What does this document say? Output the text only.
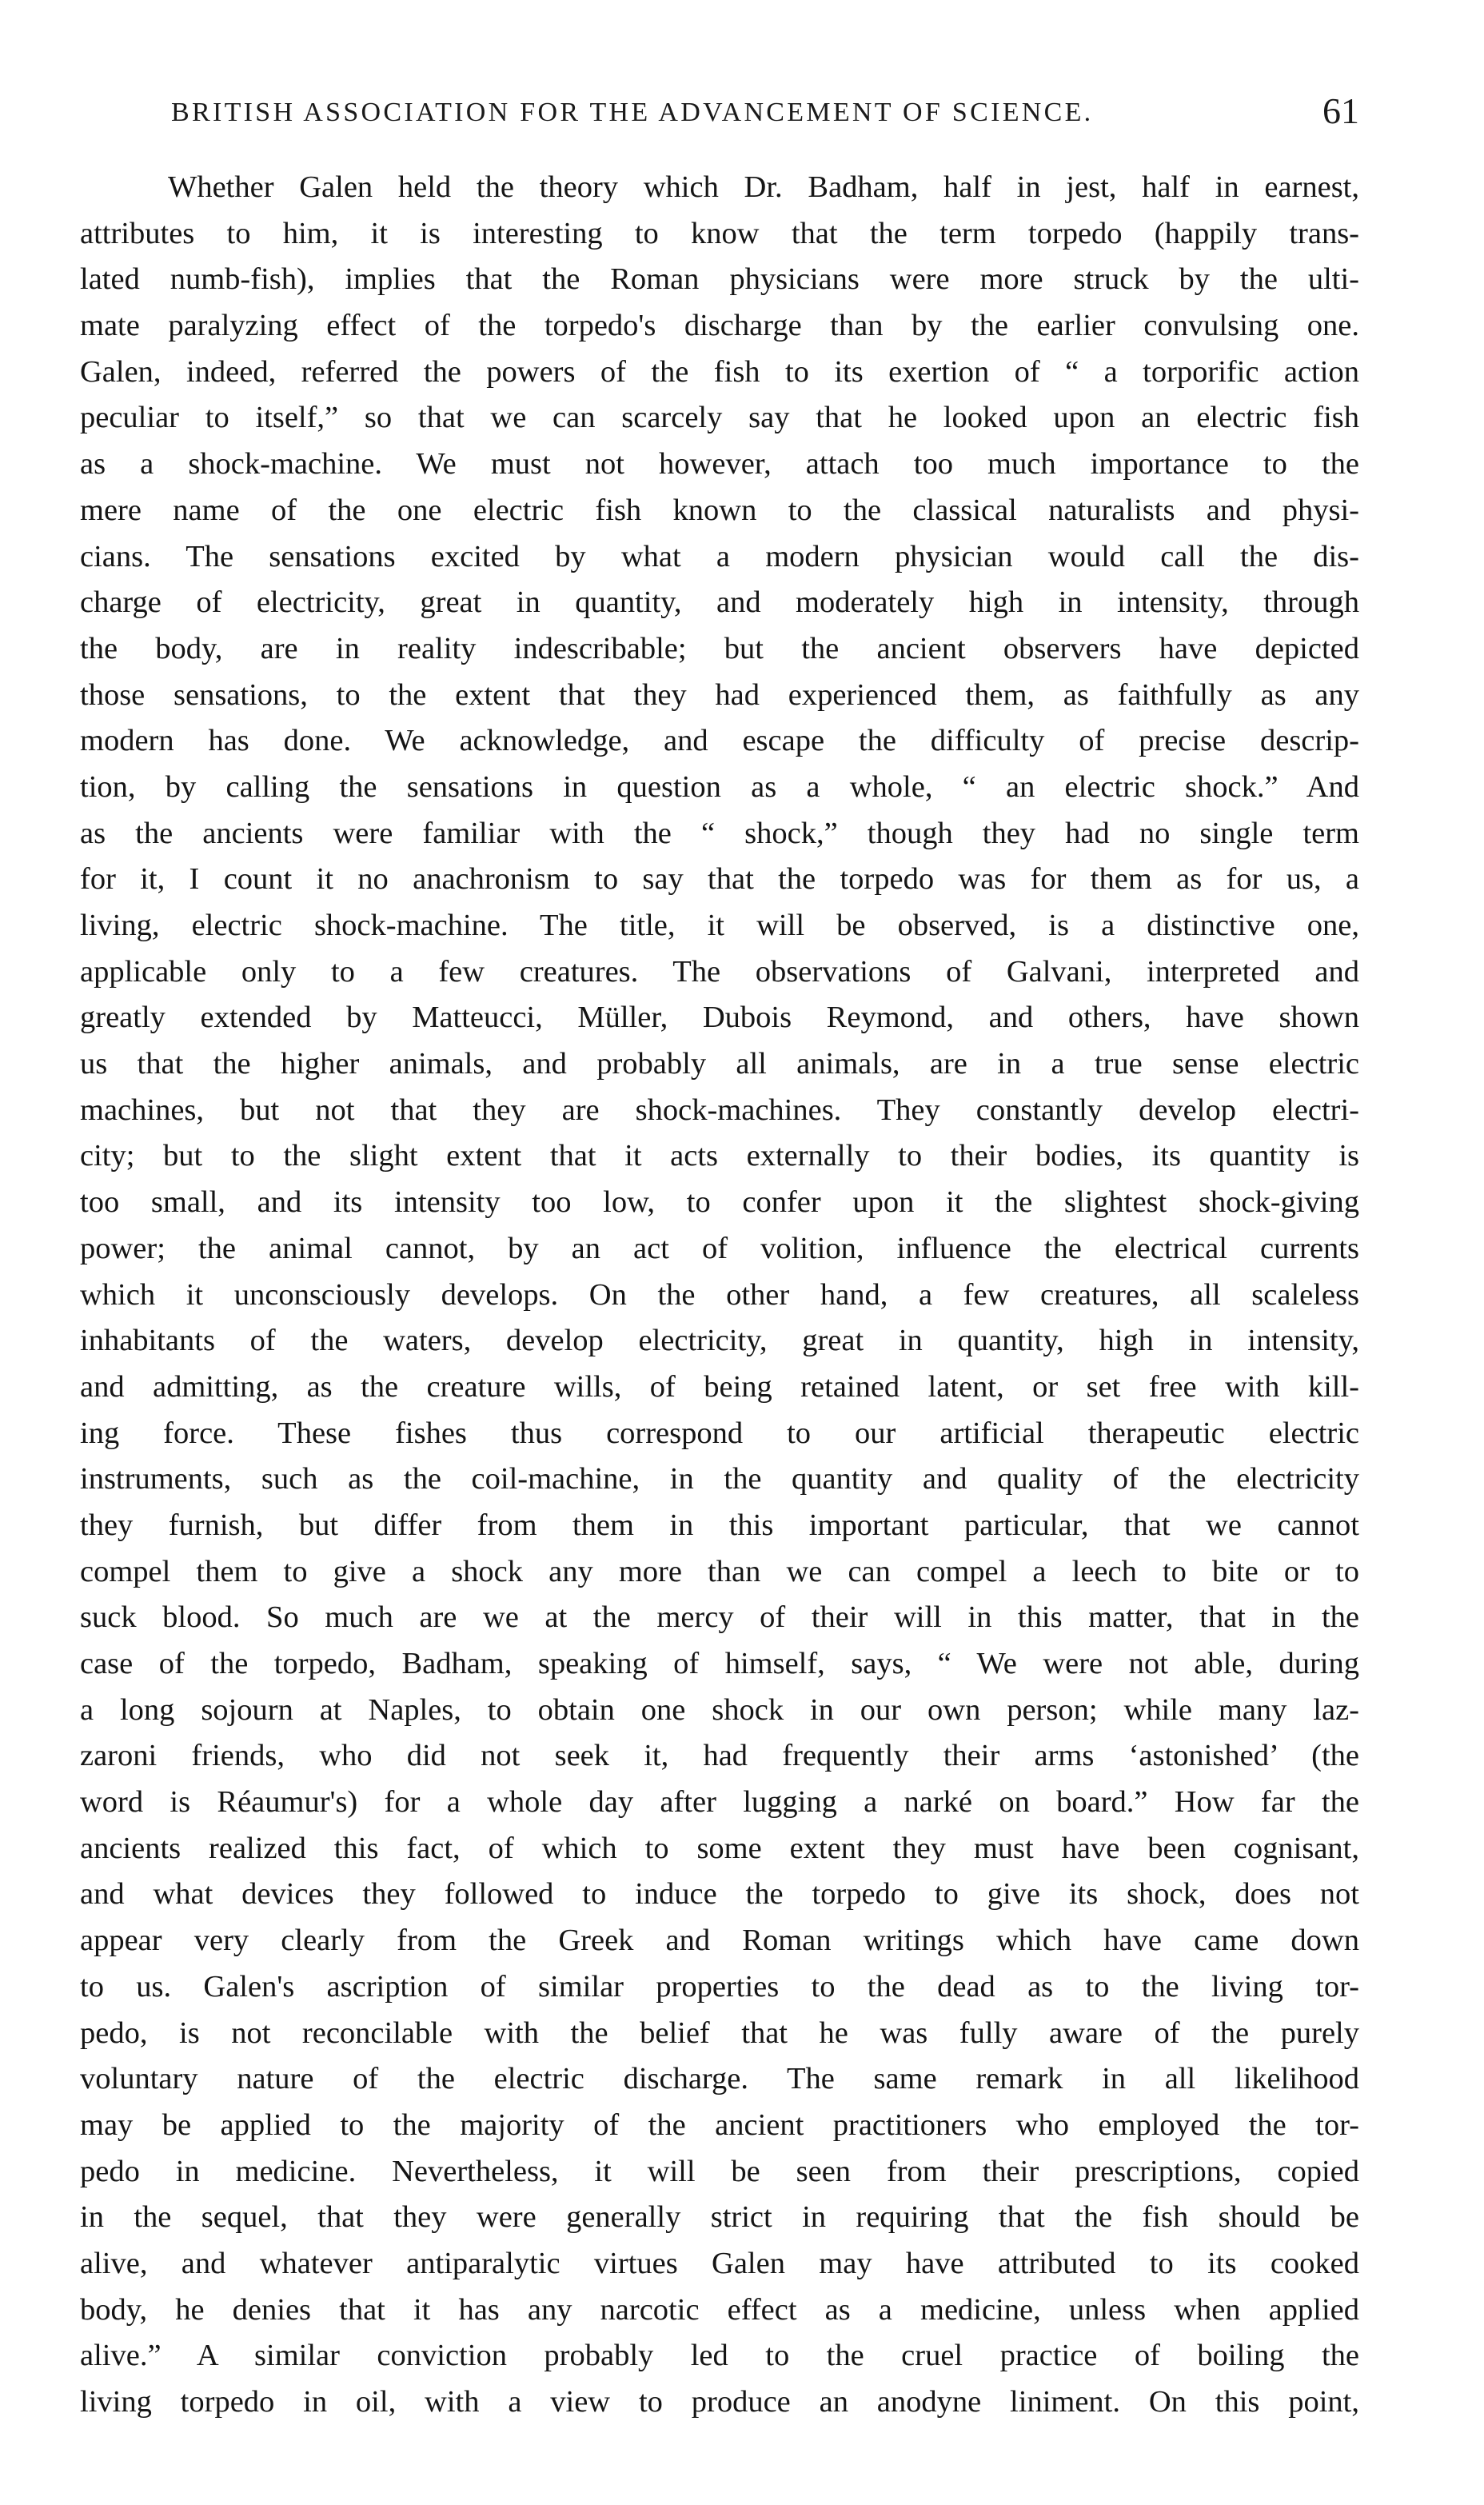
BRITISH ASSOCIATION FOR THE ADVANCEMENT OF SCIENCE.	61
Whether Galen held the theory which Dr. Badham, half in jest, half in earnest,
attributes to him, it is interesting to know that the term torpedo (happily trans-
lated numb-fish), implies that the Roman physicians were more struck by the ulti-
mate paralyzing effect of the torpedo's discharge than by the earlier convulsing one.
Galen, indeed, referred the powers of the fish to its exertion of “ a torporific action
peculiar to itself,” so that we can scarcely say that he looked upon an electric fish
as a shock-machine. We must not however, attach too much importance to the
mere name of the one electric fish known to the classical naturalists and physi-
cians. The sensations excited by what a modern physician would call the dis-
charge of electricity, great in quantity, and moderately high in intensity, through
the body, are in reality indescribable; but the ancient observers have depicted
those sensations, to the extent that they had experienced them, as faithfully as any
modern has done. We acknowledge, and escape the difficulty of precise descrip-
tion, by calling the sensations in question as a whole, “ an electric shock.” And
as the ancients were familiar with the “ shock,” though they had no single term
for it, I count it no anachronism to say that the torpedo was for them as for us, a
living, electric shock-machine. The title, it will be observed, is a distinctive one,
applicable only to a few creatures. The observations of Galvani, interpreted and
greatly extended by Matteucci, Müller, Dubois Reymond, and others, have shown
us that the higher animals, and probably all animals, are in a true sense electric
machines, but not that they are shock-machines. They constantly develop electri-
city; but to the slight extent that it acts externally to their bodies, its quantity is
too small, and its intensity too low, to confer upon it the slightest shock-giving
power; the animal cannot, by an act of volition, influence the electrical currents
which it unconsciously develops. On the other hand, a few creatures, all scaleless
inhabitants of the waters, develop electricity, great in quantity, high in intensity,
and admitting, as the creature wills, of being retained latent, or set free with kill-
ing force. These fishes thus correspond to our artificial therapeutic electric
instruments, such as the coil-machine, in the quantity and quality of the electricity
they furnish, but differ from them in this important particular, that we cannot
compel them to give a shock any more than we can compel a leech to bite or to
suck blood. So much are we at the mercy of their will in this matter, that in the
case of the torpedo, Badham, speaking of himself, says, “ We were not able, during
a long sojourn at Naples, to obtain one shock in our own person; while many laz-
zaroni friends, who did not seek it, had frequently their arms ‘astonished’ (the
word is Réaumur's) for a whole day after lugging a narké on board.” How far the
ancients realized this fact, of which to some extent they must have been cognisant,
and what devices they followed to induce the torpedo to give its shock, does not
appear very clearly from the Greek and Roman writings which have came down
to us. Galen's ascription of similar properties to the dead as to the living tor-
pedo, is not reconcilable with the belief that he was fully aware of the purely
voluntary nature of the electric discharge. The same remark in all likelihood
may be applied to the majority of the ancient practitioners who employed the tor-
pedo in medicine. Nevertheless, it will be seen from their prescriptions, copied
in the sequel, that they were generally strict in requiring that the fish should be
alive, and whatever antiparalytic virtues Galen may have attributed to its cooked
body, he denies that it has any narcotic effect as a medicine, unless when applied
alive.” A similar conviction probably led to the cruel practice of boiling the
living torpedo in oil, with a view to produce an anodyne liniment. On this point,
